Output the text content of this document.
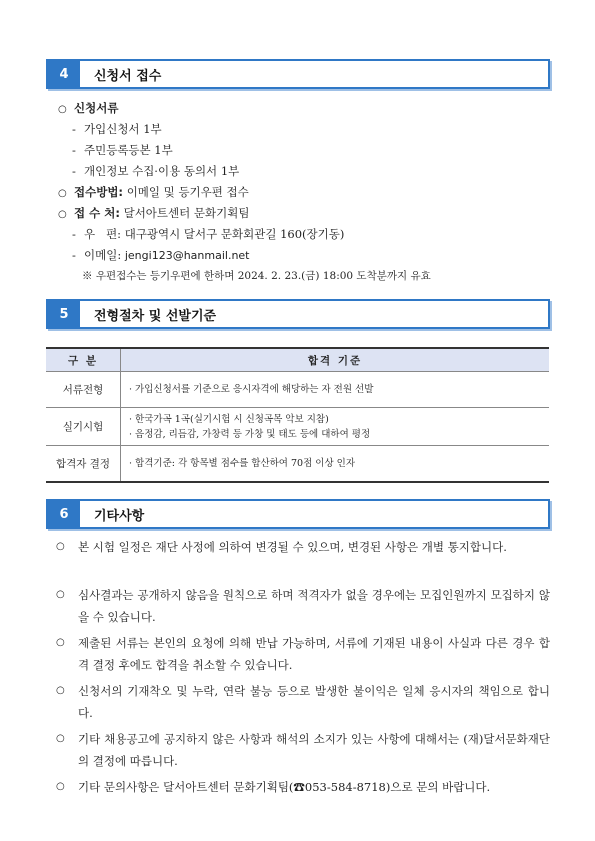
4	신청서 접수
○ 신청서류
- 가입신청서 1부
- 주민등록등본 1부
- 개인정보 수집·이용 동의서 1부
○ 접수방법: 이메일 및 등기우편 접수
○ 접 수 처: 달서아트센터 문화기획팀
- 우   편: 대구광역시 달서구 문화회관길 160(장기동)
- 이메일: jengi123@hanmail.net
※ 우편접수는 등기우편에 한하며 2024. 2. 23.(금) 18:00 도착분까지 유효
5	전형절차 및 선발기준
구 분	합격 기준
서류전형	· 가입신청서를 기준으로 응시자격에 해당하는 자 전원 선발
실기시험	· 한국가곡 1곡(실기시험 시 신청곡목 악보 지참)
· 음정감, 리듬감, 가창력 등 가창 및 태도 등에 대하여 평정
합격자 결정	· 합격기준: 각 항목별 점수를 합산하여 70점 이상 인자
6	기타사항
○	본 시험 일정은 재단 사정에 의하여 변경될 수 있으며, 변경된 사항은 개별 통지합니다.
○	심사결과는 공개하지 않음을 원칙으로 하며 적격자가 없을 경우에는 모집인원까지 모집하지 않을 수 있습니다.
○	제출된 서류는 본인의 요청에 의해 반납 가능하며, 서류에 기재된 내용이 사실과 다른 경우 합격 결정 후에도 합격을 취소할 수 있습니다.
○	신청서의 기재착오 및 누락, 연락 불능 등으로 발생한 불이익은 일체 응시자의 책임으로 합니다.
○	기타 채용공고에 공지하지 않은 사항과 해석의 소지가 있는 사항에 대해서는 (재)달서문화재단의 결정에 따릅니다.
○	기타 문의사항은 달서아트센터 문화기획팀(☎053-584-8718)으로 문의 바랍니다.
